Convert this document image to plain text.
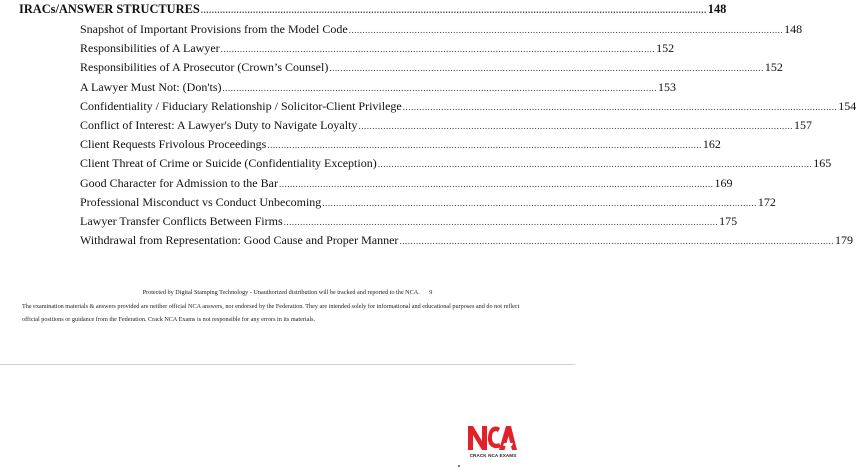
IRACs/ANSWER STRUCTURES ........................................................................................................................................................................................ 148
Snapshot of Important Provisions from the Model Code .............................................................................................................................................................. 148
Responsibilities of A Lawyer .............................................................................................................................................................. 152
Responsibilities of A Prosecutor (Crown’s Counsel) .............................................................................................................................................................. 152
A Lawyer Must Not: (Don'ts) .............................................................................................................................................................. 153
Confidentiality / Fiduciary Relationship / Solicitor-Client Privilege .............................................................................................................................................................. 154
Conflict of Interest: A Lawyer's Duty to Navigate Loyalty .............................................................................................................................................................. 157
Client Requests Frivolous Proceedings .............................................................................................................................................................. 162
Client Threat of Crime or Suicide (Confidentiality Exception) .............................................................................................................................................................. 165
Good Character for Admission to the Bar .............................................................................................................................................................. 169
Professional Misconduct vs Conduct Unbecoming .............................................................................................................................................................. 172
Lawyer Transfer Conflicts Between Firms .............................................................................................................................................................. 175
Withdrawal from Representation: Good Cause and Proper Manner .............................................................................................................................................................. 179
Protected by Digital Stamping Technology - Unauthorized distribution will be tracked and reported to the NCA. 9
The examination materials & answers provided are neither official NCA answers, nor endorsed by the Federation. They are intended solely for informational and educational purposes and do not reflect official positions or guidance from the Federation. Crack NCA Exams is not responsible for any errors in its materials.
CRACK NCA EXAMS
